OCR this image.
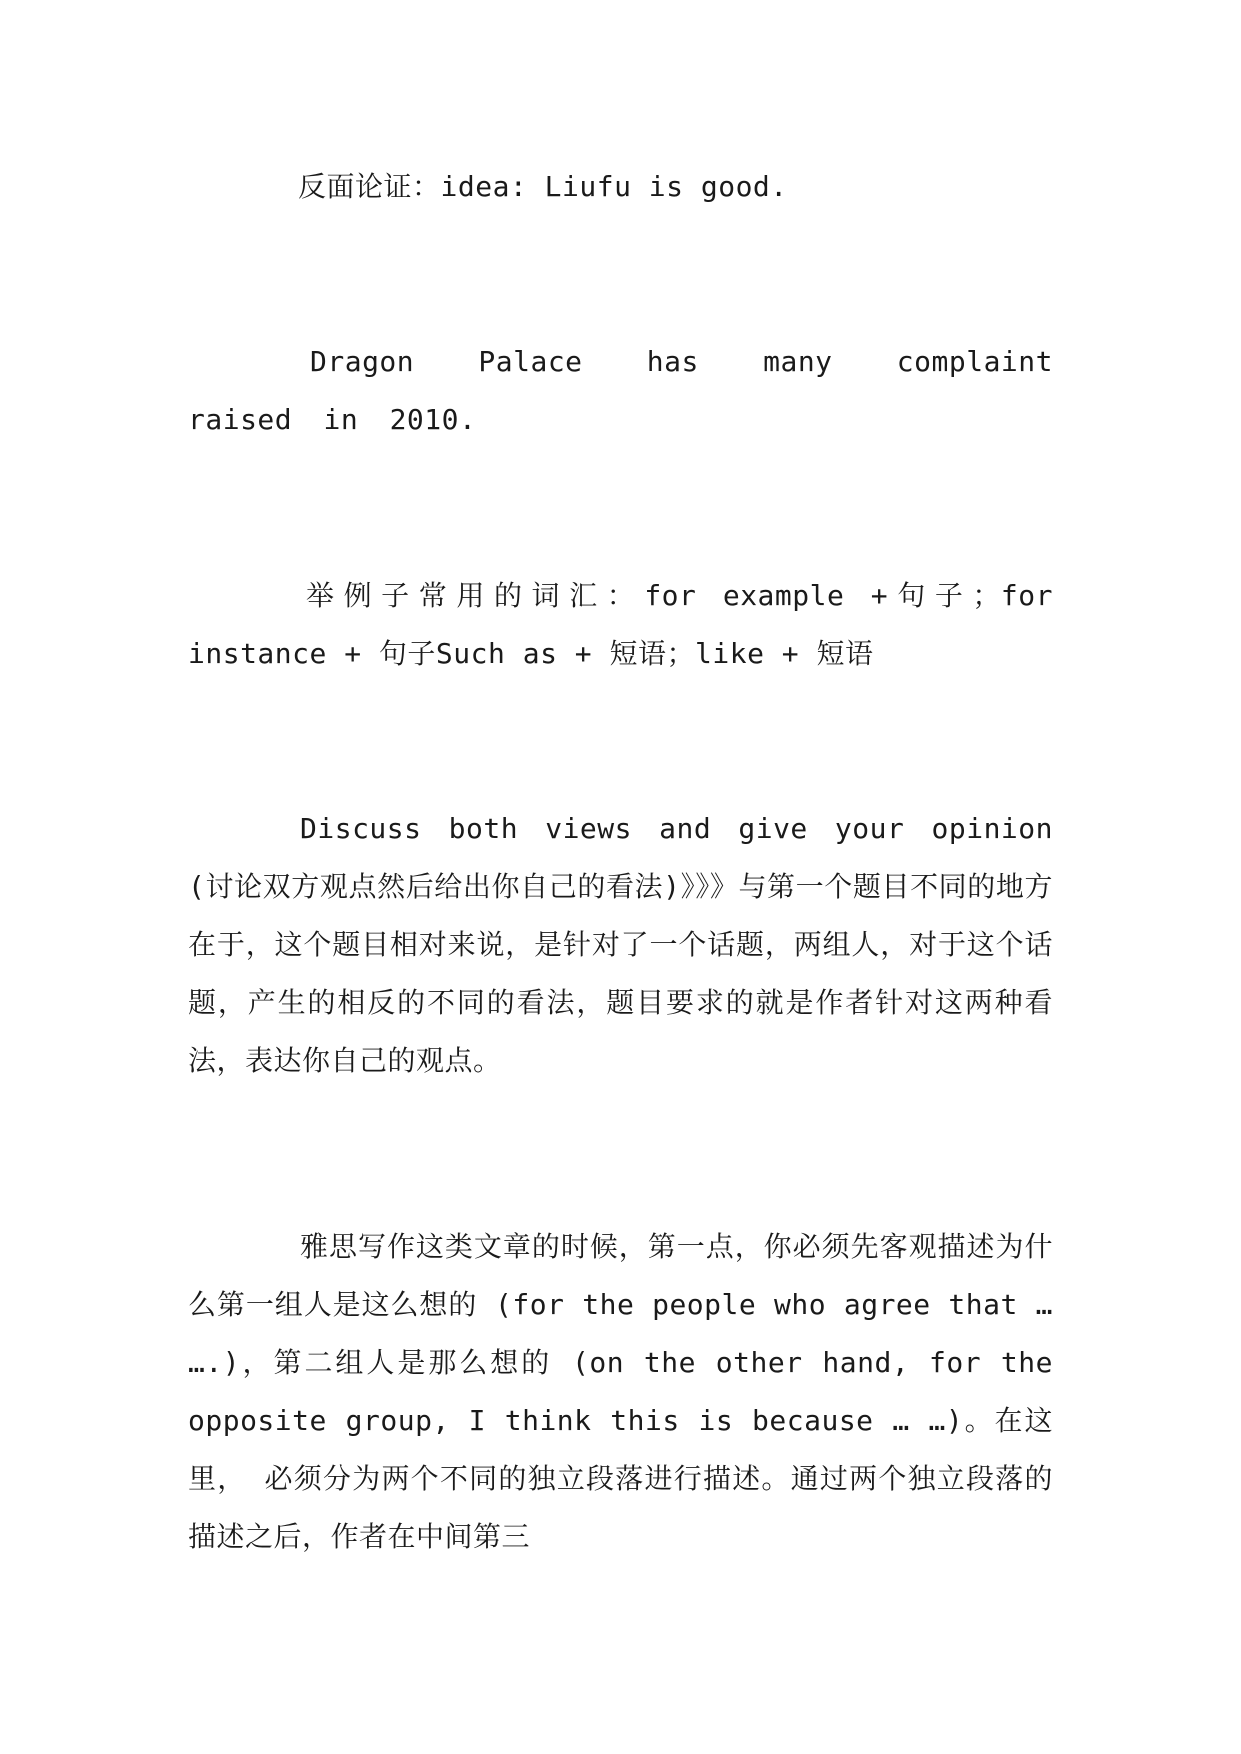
反面论证：idea: Liufu is good.

Dragon Palace has many complaint raised in 2010.

举例子常用的词汇：for example +句子；for instance + 句子Such as + 短语；like + 短语

Discuss both views and give your opinion (讨论双方观点然后给出你自己的看法)》》》与第一个题目不同的地方在于，这个题目相对来说，是针对了一个话题，两组人，对于这个话题，产生的相反的不同的看法，题目要求的就是作者针对这两种看法，表达你自己的观点。

雅思写作这类文章的时候，第一点，你必须先客观描述为什么第一组人是这么想的 (for the people who agree that … ….)，第二组人是那么想的 (on the other hand, for the opposite group, I think this is because … …)。在这里， 必须分为两个不同的独立段落进行描述。通过两个独立段落的描述之后，作者在中间第三
